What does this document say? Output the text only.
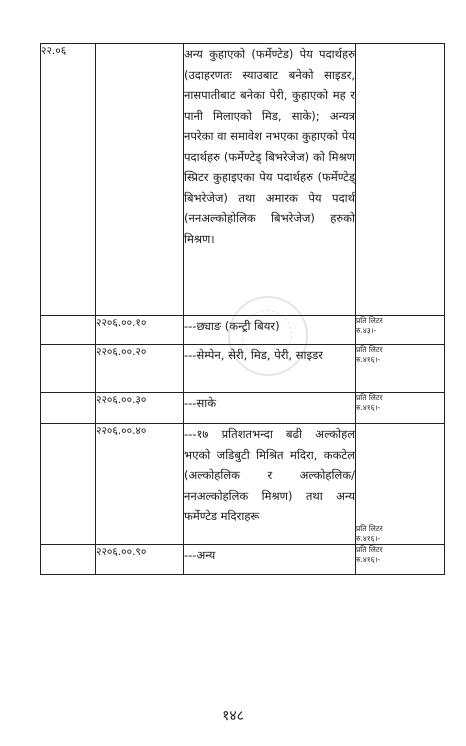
२२.०६		अन्य कुहाएको (फर्मेण्टेड) पेय पदार्थहरु (उदाहरणतः स्याउबाट बनेको साइडर, नासपातीबाट बनेका पेरी, कुहाएको मह र पानी मिलाएको मिड, साके); अन्यत्र नपरेका वा समावेश नभएका कुहाएको पेय पदार्थहरु (फर्मेण्टेड् बिभरेजेज) को मिश्रण स्प्रिटर कुहाइएका पेय पदार्थहरु (फर्मेण्टेड् बिभरेजेज) तथा अमारक पेय पदार्थ (ननअल्कोहोलिक बिभरेजेज) हरुको मिश्रण।	
	२२०६.००.१०	---छ्याङ (कन्ट्री बियर)	प्रति लिटर
रु.४३।-

	२२०६.००.२०	---सेम्पेन, सेरी, मिड, पेरी, साइडर	प्रति लिटर
रु.४१६।-

	२२०६.००.३०	---साके	प्रति लिटर
रु.४१६।-

	२२०६.००.४०	---१७ प्रतिशतभन्दा बढी अल्कोहल भएको जडिबुटी मिश्रित मदिरा, ककटेल (अल्कोहलिक र अल्कोहलिक/ननअल्कोहलिक मिश्रण) तथा अन्य फर्मेण्टेड मदिराहरू	प्रति लिटर
रु.४१६।-

	२२०६.००.९०	---अन्य	प्रति लिटर
रु.४१६।-
१४८
